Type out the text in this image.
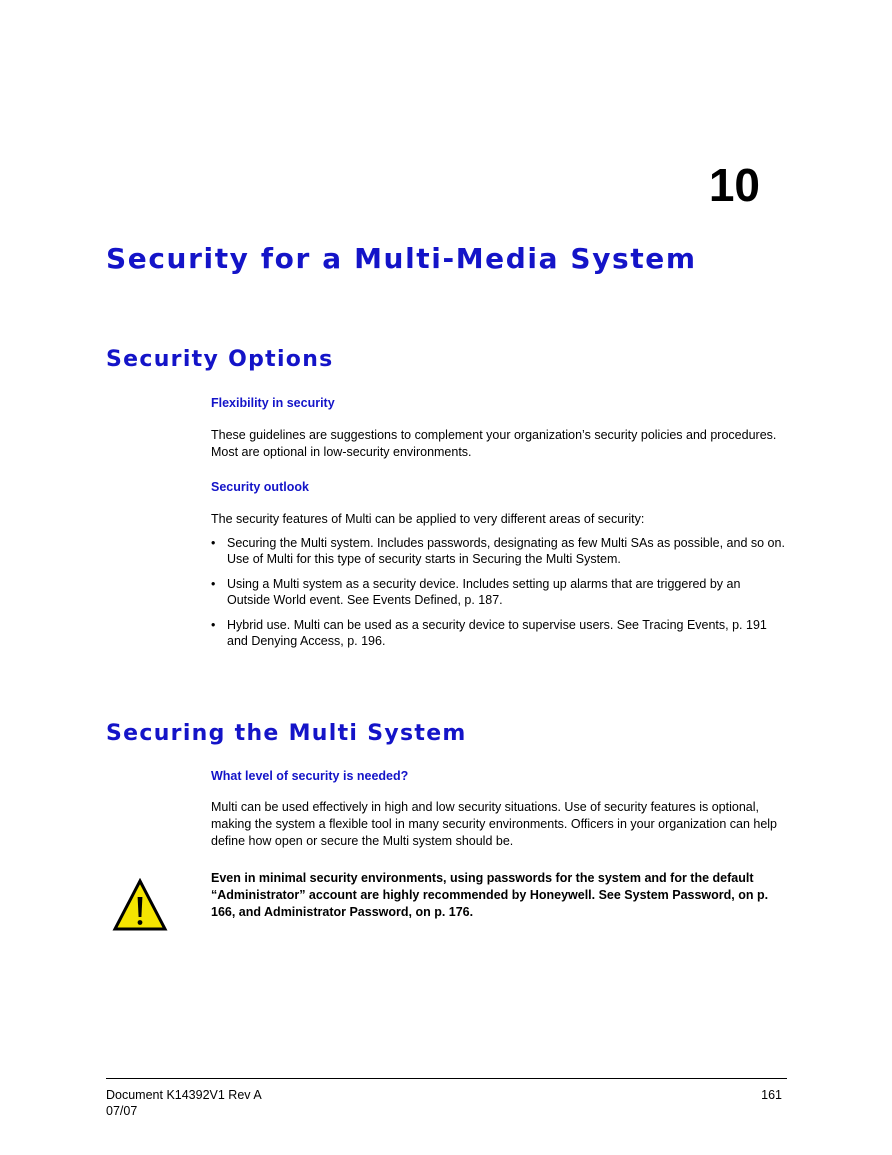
10
Security for a Multi-Media System
Security Options
Flexibility in security

These guidelines are suggestions to complement your organization’s security policies and procedures. Most are optional in low-security environments.

Security outlook

The security features of Multi can be applied to very different areas of security:

• Securing the Multi system. Includes passwords, designating as few Multi SAs as possible, and so on. Use of Multi for this type of security starts in Securing the Multi System.
• Using a Multi system as a security device. Includes setting up alarms that are triggered by an Outside World event. See Events Defined, p. 187.
• Hybrid use. Multi can be used as a security device to supervise users. See Tracing Events, p. 191 and Denying Access, p. 196.
Securing the Multi System
What level of security is needed?

Multi can be used effectively in high and low security situations. Use of security features is optional, making the system a flexible tool in many security environments. Officers in your organization can help define how open or secure the Multi system should be.

Even in minimal security environments, using passwords for the system and for the default “Administrator” account are highly recommended by Honeywell. See System Password, on p. 166, and Administrator Password, on p. 176.

Document K14392V1 Rev A
07/07
161
